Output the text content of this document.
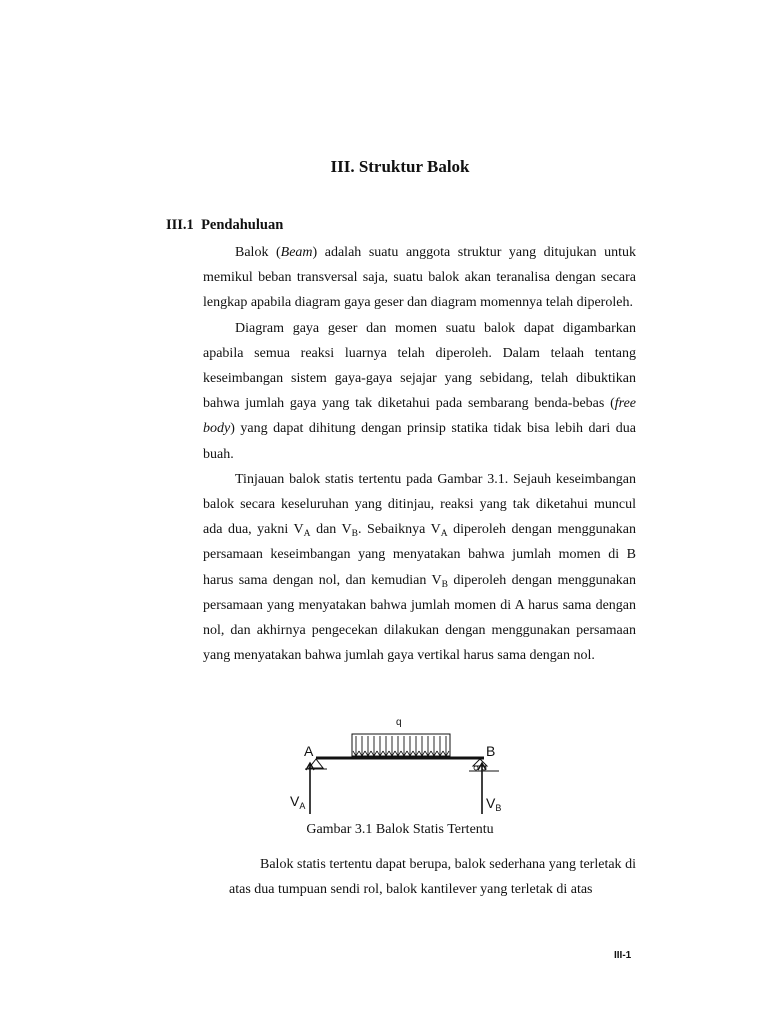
III. Struktur Balok
III.1 Pendahuluan

Balok (Beam) adalah suatu anggota struktur yang ditujukan untuk memikul beban transversal saja, suatu balok akan teranalisa dengan secara lengkap apabila diagram gaya geser dan diagram momennya telah diperoleh.

Diagram gaya geser dan momen suatu balok dapat digambarkan apabila semua reaksi luarnya telah diperoleh. Dalam telaah tentang keseimbangan sistem gaya-gaya sejajar yang sebidang, telah dibuktikan bahwa jumlah gaya yang tak diketahui pada sembarang benda-bebas (free body) yang dapat dihitung dengan prinsip statika tidak bisa lebih dari dua buah.

Tinjauan balok statis tertentu pada Gambar 3.1. Sejauh keseimbangan balok secara keseluruhan yang ditinjau, reaksi yang tak diketahui muncul ada dua, yakni $V_A$ dan $V_B$. Sebaiknya $V_A$ diperoleh dengan menggunakan persamaan keseimbangan yang menyatakan bahwa jumlah momen di B harus sama dengan nol, dan kemudian $V_B$ diperoleh dengan menggunakan persamaan yang menyatakan bahwa jumlah momen di A harus sama dengan nol, dan akhirnya pengecekan dilakukan dengan menggunakan persamaan yang menyatakan bahwa jumlah gaya vertikal harus sama dengan nol.

q
A	B
$V_A$	$V_B$
Gambar 3.1 Balok Statis Tertentu

Balok statis tertentu dapat berupa, balok sederhana yang terletak di atas dua tumpuan sendi rol, balok kantilever yang terletak di atas

III-1
